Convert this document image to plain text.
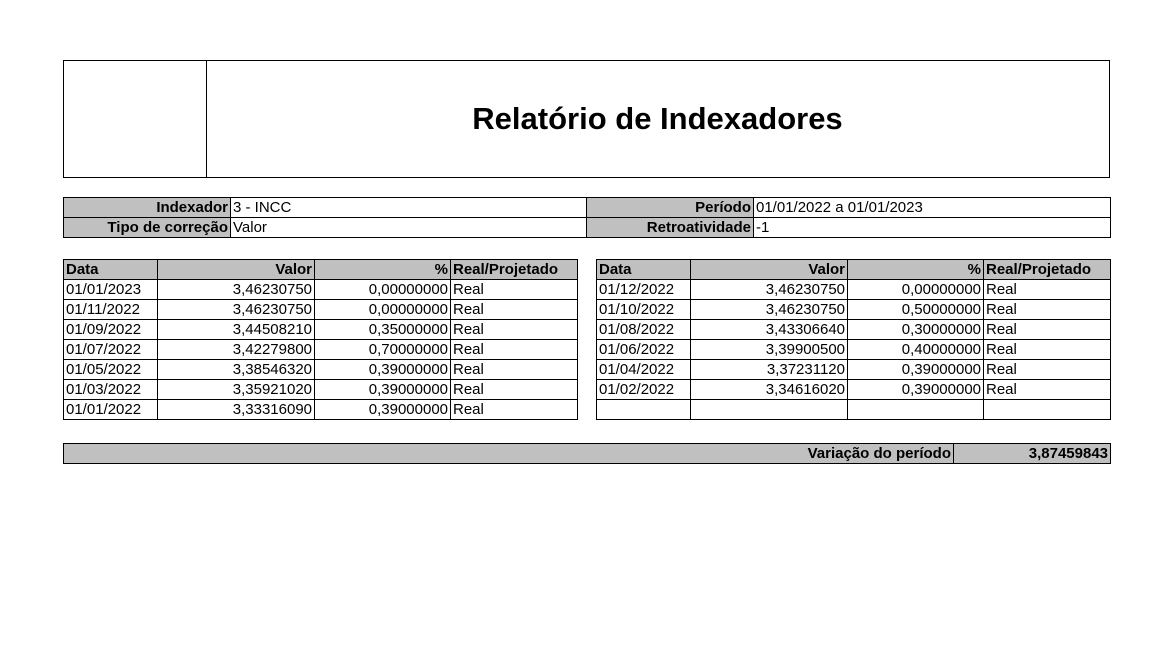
Relatório de Indexadores
Indexador	3 - INCC
Tipo de correção	Valor
Período	01/01/2022 a 01/01/2023
Retroatividade	-1
Data	Valor	%	Real/Projetado
01/01/2023	3,46230750	0,00000000	Real
01/11/2022	3,46230750	0,00000000	Real
01/09/2022	3,44508210	0,35000000	Real
01/07/2022	3,42279800	0,70000000	Real
01/05/2022	3,38546320	0,39000000	Real
01/03/2022	3,35921020	0,39000000	Real
01/01/2022	3,33316090	0,39000000	Real
Data	Valor	%	Real/Projetado
01/12/2022	3,46230750	0,00000000	Real
01/10/2022	3,46230750	0,50000000	Real
01/08/2022	3,43306640	0,30000000	Real
01/06/2022	3,39900500	0,40000000	Real
01/04/2022	3,37231120	0,39000000	Real
01/02/2022	3,34616020	0,39000000	Real

Variação do período	3,87459843
